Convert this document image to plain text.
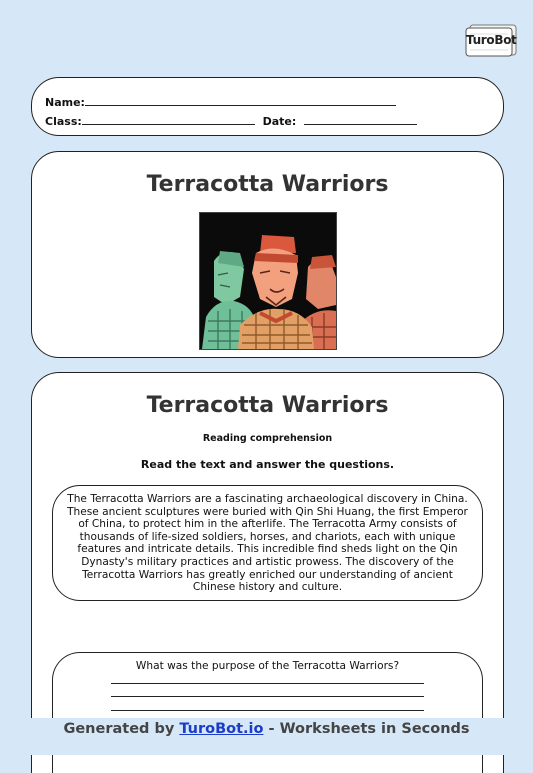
TuroBot
Name:
Class:	Date:
Terracotta Warriors
Terracotta Warriors
Reading comprehension
Read the text and answer the questions.
The Terracotta Warriors are a fascinating archaeological discovery in China. These ancient sculptures were buried with Qin Shi Huang, the first Emperor of China, to protect him in the afterlife. The Terracotta Army consists of thousands of life-sized soldiers, horses, and chariots, each with unique features and intricate details. This incredible find sheds light on the Qin Dynasty's military practices and artistic prowess. The discovery of the Terracotta Warriors has greatly enriched our understanding of ancient Chinese history and culture.
What was the purpose of the Terracotta Warriors?
Generated by TuroBot.io - Worksheets in Seconds
